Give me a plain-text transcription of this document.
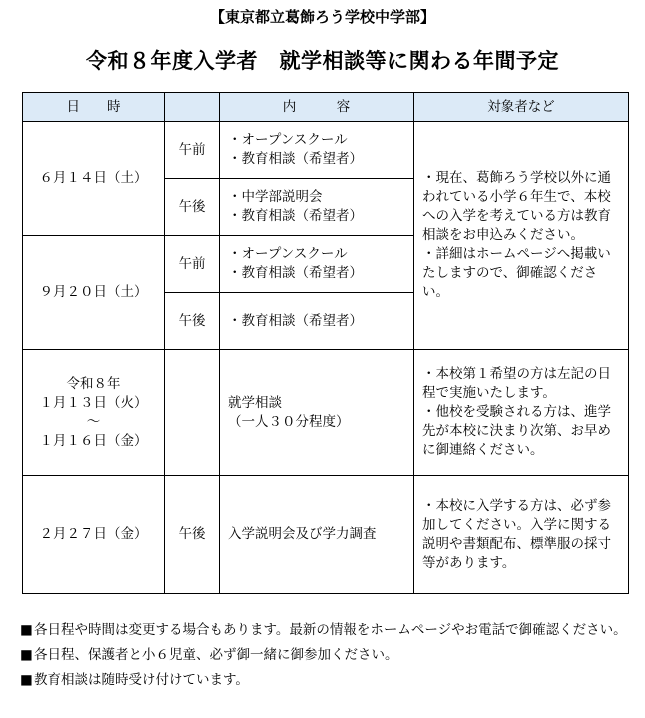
【東京都立葛飾ろう学校中学部】
令和８年度入学者　就学相談等に関わる年間予定
日　　時		内　　　容	対象者など

６月１４日（土）	午前	・オープンスクール
・教育相談（希望者）	・現在、葛飾ろう学校以外に通われている小学６年生で、本校への入学を考えている方は教育相談をお申込みください。
・詳細はホームページへ掲載いたしますので、御確認ください。

	午後	・中学部説明会
・教育相談（希望者）	

９月２０日（土）	午前	・オープンスクール
・教育相談（希望者）	

	午後	・教育相談（希望者）	

令和８年
１月１３日（火）
～
１月１６日（金）		就学相談
（一人３０分程度）	・本校第１希望の方は左記の日程で実施いたします。
・他校を受験される方は、進学先が本校に決まり次第、お早めに御連絡ください。

２月２７日（金）	午後	入学説明会及び学力調査	・本校に入学する方は、必ず参加してください。入学に関する説明や書類配布、標準服の採寸等があります。
■ 各日程や時間は変更する場合もあります。最新の情報をホームページやお電話で御確認ください。
■ 各日程、保護者と小６児童、必ず御一緒に御参加ください。
■ 教育相談は随時受け付けています。
